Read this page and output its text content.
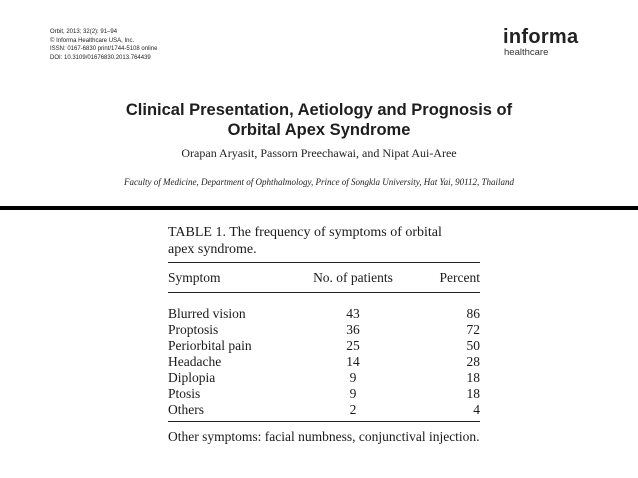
Orbit, 2013; 32(2): 91–94
© Informa Healthcare USA, Inc.
ISSN: 0167-6830 print/1744-5108 online
DOI: 10.3109/01676830.2013.764439
informa
healthcare
Clinical Presentation, Aetiology and Prognosis of
Orbital Apex Syndrome
Orapan Aryasit, Passorn Preechawai, and Nipat Aui-Aree
Faculty of Medicine, Department of Ophthalmology, Prince of Songkla University, Hat Yai, 90112, Thailand
TABLE 1. The frequency of symptoms of orbital
apex syndrome.
Symptom	No. of patients	Percent
Blurred vision	43	86
Proptosis	36	72
Periorbital pain	25	50
Headache	14	28
Diplopia	9	18
Ptosis	9	18
Others	2	4
Other symptoms: facial numbness, conjunctival injection.
